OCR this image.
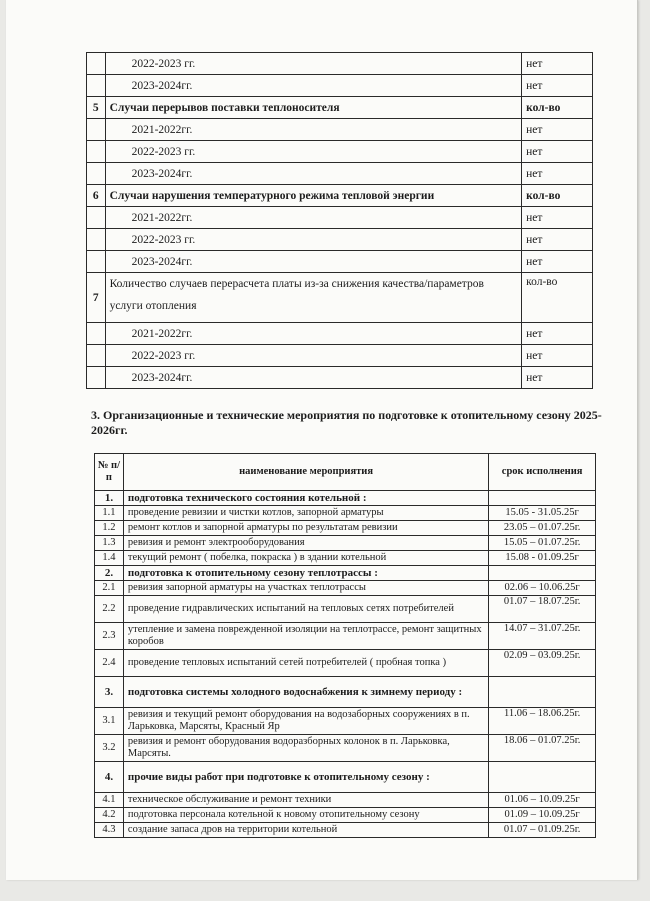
	2022-2023 гг.	нет
	2023-2024гг.	нет
5	Случаи перерывов поставки теплоносителя	кол-во
	2021-2022гг.	нет
	2022-2023 гг.	нет
	2023-2024гг.	нет
6	Случаи нарушения температурного режима тепловой энергии	кол-во
	2021-2022гг.	нет
	2022-2023 гг.	нет
	2023-2024гг.	нет
7	Количество случаев перерасчета платы из-за снижения качества/параметров услуги отопления	кол-во
	2021-2022гг.	нет
	2022-2023 гг.	нет
	2023-2024гг.	нет
3. Организационные и технические мероприятия по подготовке к отопительному сезону 2025-2026гг.
№ п/п	наименование мероприятия	срок исполнения
1.	подготовка технического состояния котельной :	
1.1	проведение ревизии и чистки котлов, запорной арматуры	15.05 - 31.05.25г
1.2	ремонт котлов и запорной арматуры по результатам ревизии	23.05 – 01.07.25г.
1.3	ревизия и ремонт электрооборудования	15.05 – 01.07.25г.
1.4	текущий ремонт ( побелка, покраска ) в здании котельной	15.08 - 01.09.25г
2.	подготовка к отопительному сезону теплотрассы :	
2.1	ревизия запорной арматуры на участках теплотрассы	02.06 – 10.06.25г
2.2	проведение гидравлических испытаний на тепловых сетях потребителей	01.07 – 18.07.25г.
2.3	утепление и замена поврежденной изоляции на теплотрассе, ремонт защитных коробов	14.07 – 31.07.25г.
2.4	проведение тепловых испытаний сетей потребителей ( пробная топка )	02.09 – 03.09.25г.
3.	подготовка системы холодного водоснабжения к зимнему периоду :	
3.1	ревизия и текущий ремонт оборудования на водозаборных сооружениях в п. Ларьковка, Марсяты, Красный Яр	11.06 – 18.06.25г.
3.2	ревизия и ремонт оборудования водоразборных колонок в п. Ларьковка, Марсяты.	18.06 – 01.07.25г.
4.	прочие виды работ при подготовке к отопительному сезону :	
4.1	техническое обслуживание и ремонт техники	01.06 – 10.09.25г
4.2	подготовка персонала котельной к новому отопительному сезону	01.09 – 10.09.25г
4.3	создание запаса дров на территории котельной	01.07 – 01.09.25г.
